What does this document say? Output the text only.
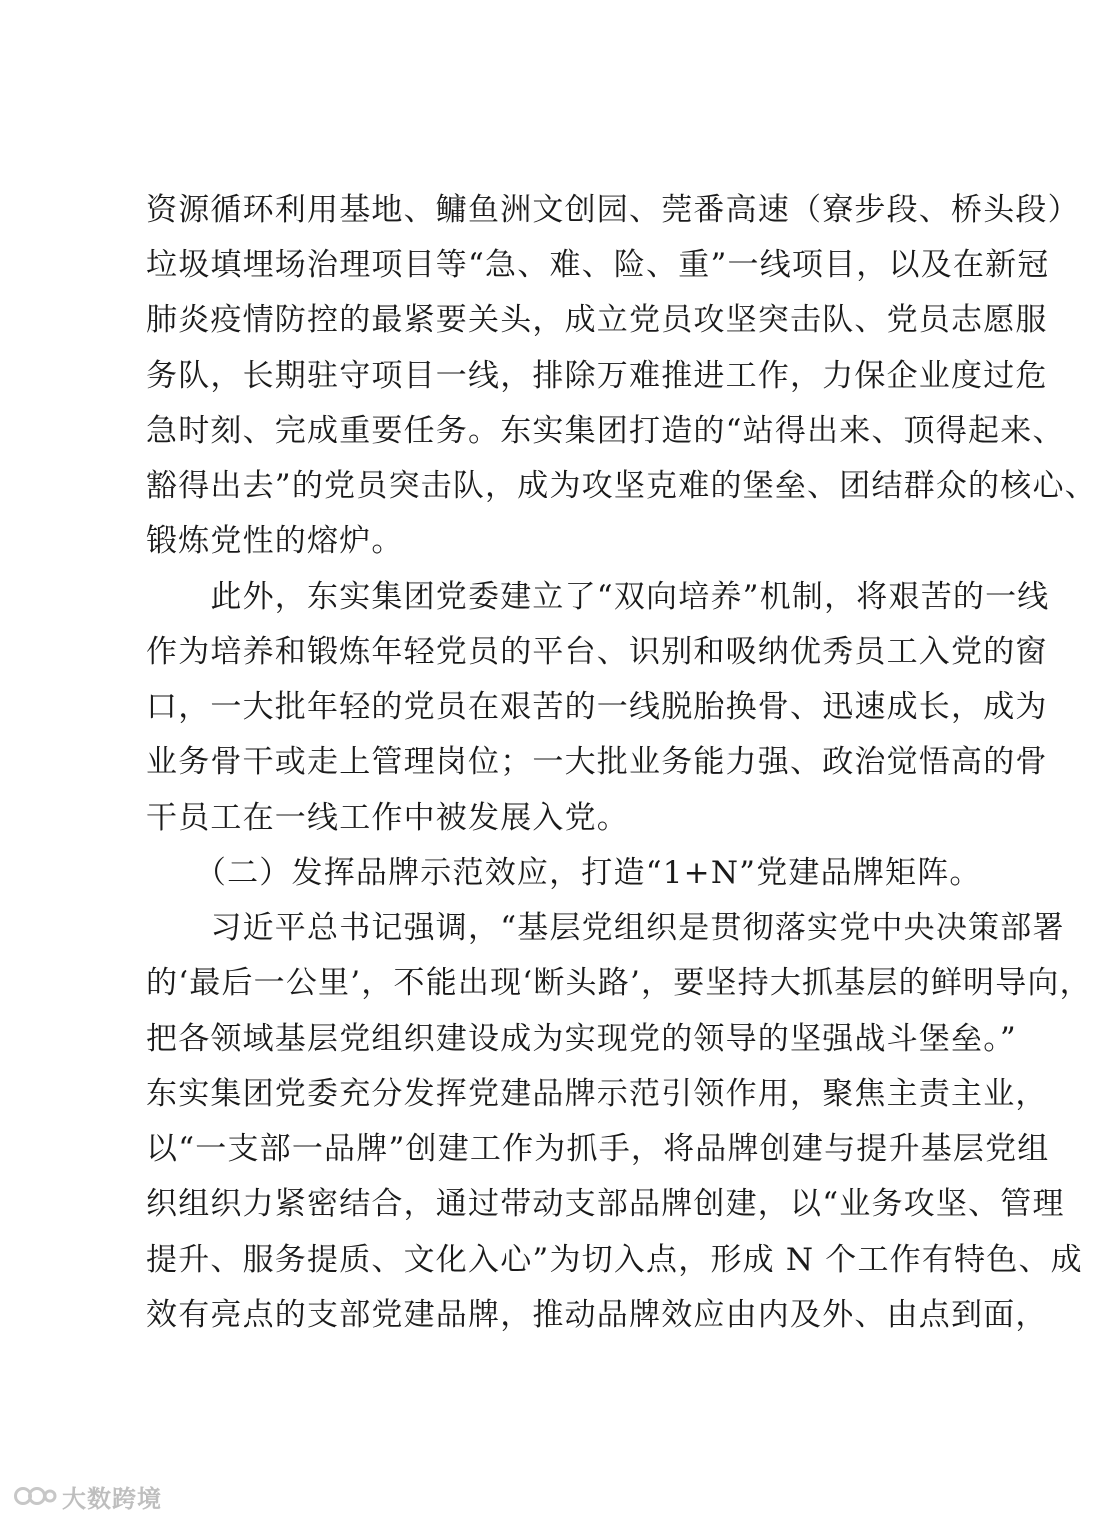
资源循环利用基地、鳙鱼洲文创园、莞番高速（寮步段、桥头段）
垃圾填埋场治理项目等“急、难、险、重”一线项目，以及在新冠
肺炎疫情防控的最紧要关头，成立党员攻坚突击队、党员志愿服
务队，长期驻守项目一线，排除万难推进工作，力保企业度过危
急时刻、完成重要任务。东实集团打造的“站得出来、顶得起来、
豁得出去”的党员突击队，成为攻坚克难的堡垒、团结群众的核心、
锻炼党性的熔炉。
　　此外，东实集团党委建立了“双向培养”机制，将艰苦的一线
作为培养和锻炼年轻党员的平台、识别和吸纳优秀员工入党的窗
口，一大批年轻的党员在艰苦的一线脱胎换骨、迅速成长，成为
业务骨干或走上管理岗位；一大批业务能力强、政治觉悟高的骨
干员工在一线工作中被发展入党。
　　（二）发挥品牌示范效应，打造“1+N”党建品牌矩阵。
　　习近平总书记强调，“基层党组织是贯彻落实党中央决策部署
的‘最后一公里’，不能出现‘断头路’，要坚持大抓基层的鲜明导向，
把各领域基层党组织建设成为实现党的领导的坚强战斗堡垒。”
东实集团党委充分发挥党建品牌示范引领作用，聚焦主责主业，
以“一支部一品牌”创建工作为抓手，将品牌创建与提升基层党组
织组织力紧密结合，通过带动支部品牌创建，以“业务攻坚、管理
提升、服务提质、文化入心”为切入点，形成 N 个工作有特色、成
效有亮点的支部党建品牌，推动品牌效应由内及外、由点到面，
大数跨境
